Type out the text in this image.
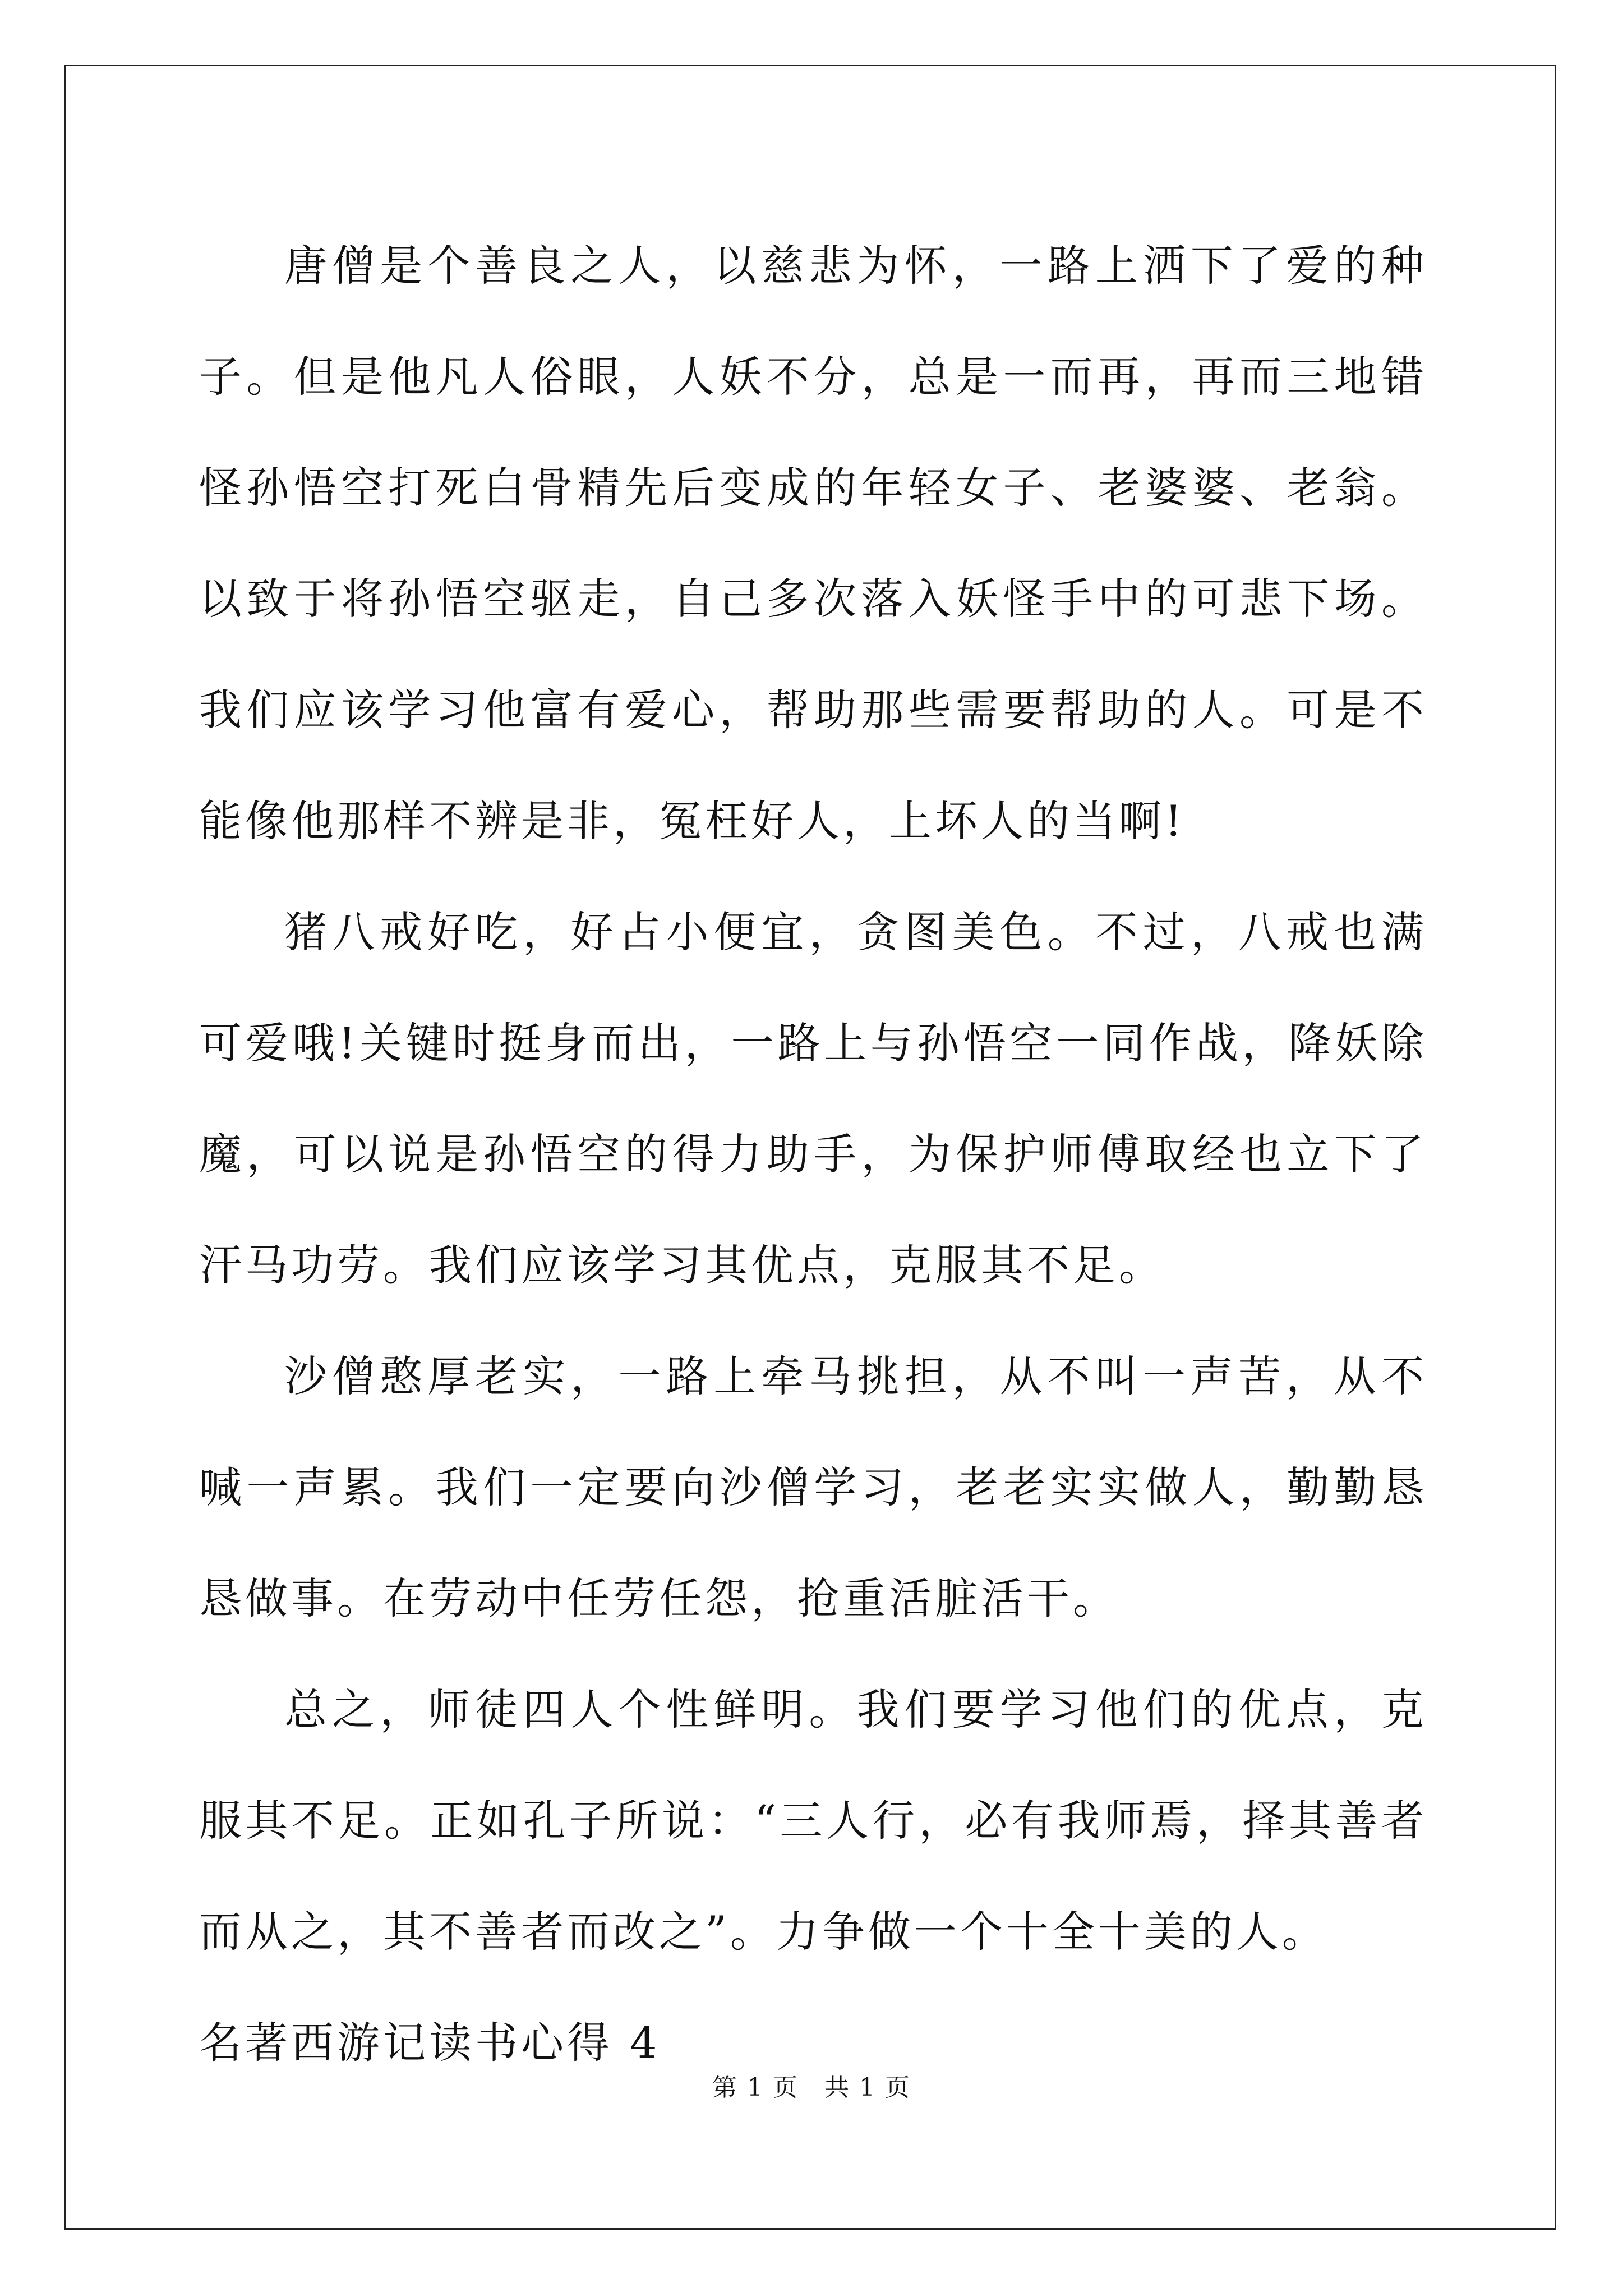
唐僧是个善良之人，以慈悲为怀，一路上洒下了爱的种子。但是他凡人俗眼，人妖不分，总是一而再，再而三地错怪孙悟空打死白骨精先后变成的年轻女子、老婆婆、老翁。以致于将孙悟空驱走，自己多次落入妖怪手中的可悲下场。我们应该学习他富有爱心，帮助那些需要帮助的人。可是不能像他那样不辨是非，冤枉好人，上坏人的当啊!

猪八戒好吃，好占小便宜，贪图美色。不过，八戒也满可爱哦!关键时挺身而出，一路上与孙悟空一同作战，降妖除魔，可以说是孙悟空的得力助手，为保护师傅取经也立下了汗马功劳。我们应该学习其优点，克服其不足。

沙僧憨厚老实，一路上牵马挑担，从不叫一声苦，从不喊一声累。我们一定要向沙僧学习，老老实实做人，勤勤恳恳做事。在劳动中任劳任怨，抢重活脏活干。

总之，师徒四人个性鲜明。我们要学习他们的优点，克服其不足。正如孔子所说：“三人行，必有我师焉，择其善者而从之，其不善者而改之”。力争做一个十全十美的人。

名著西游记读书心得 4

第 1 页　共 1 页
